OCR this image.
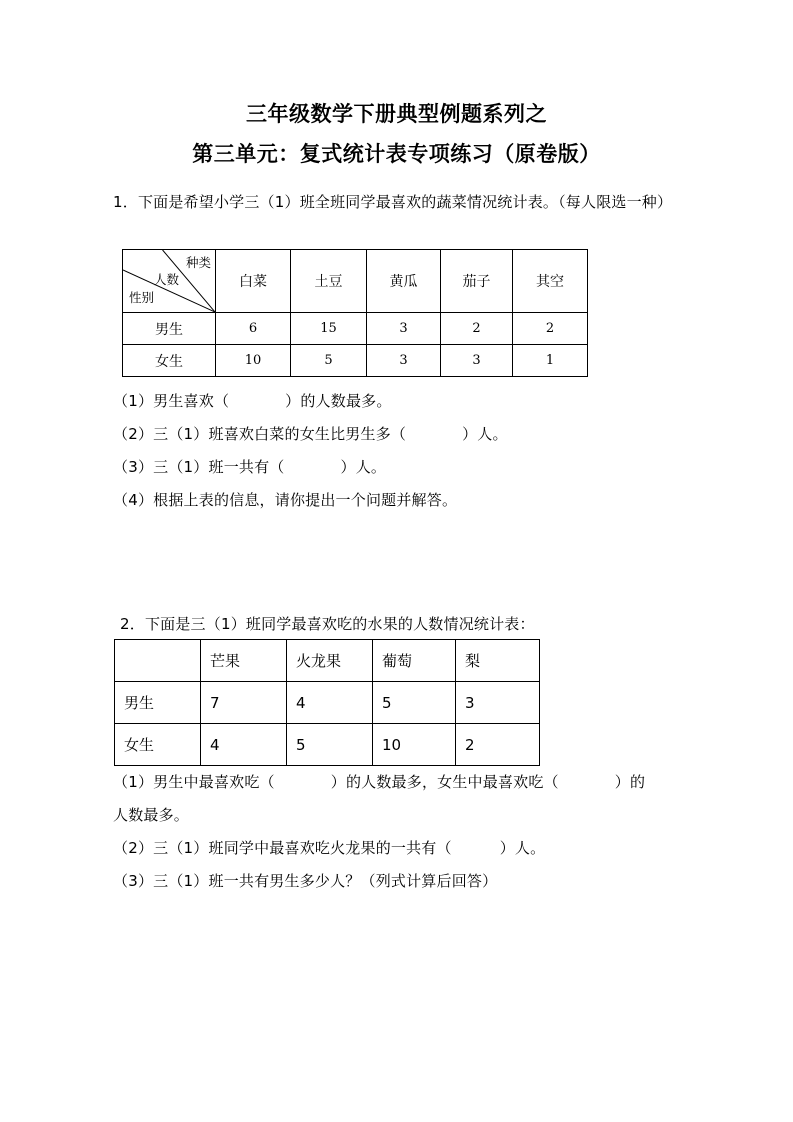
三年级数学下册典型例题系列之
第三单元：复式统计表专项练习（原卷版）
1．下面是希望小学三（1）班全班同学最喜欢的蔬菜情况统计表。（每人限选一种）
种类
人数
性别	白菜	土豆	黄瓜	茄子	其空
男生	6	15	3	2	2
女生	10	5	3	3	1
（1）男生喜欢（	）的人数最多。
（2）三（1）班喜欢白菜的女生比男生多（	）人。
（3）三（1）班一共有（	）人。
（4）根据上表的信息，请你提出一个问题并解答。
2．下面是三（1）班同学最喜欢吃的水果的人数情况统计表：
	芒果	火龙果	葡萄	梨
男生	7	4	5	3
女生	4	5	10	2
（1）男生中最喜欢吃（	）的人数最多，女生中最喜欢吃（	）的
人数最多。
（2）三（1）班同学中最喜欢吃火龙果的一共有（	）人。
（3）三（1）班一共有男生多少人？（列式计算后回答）
